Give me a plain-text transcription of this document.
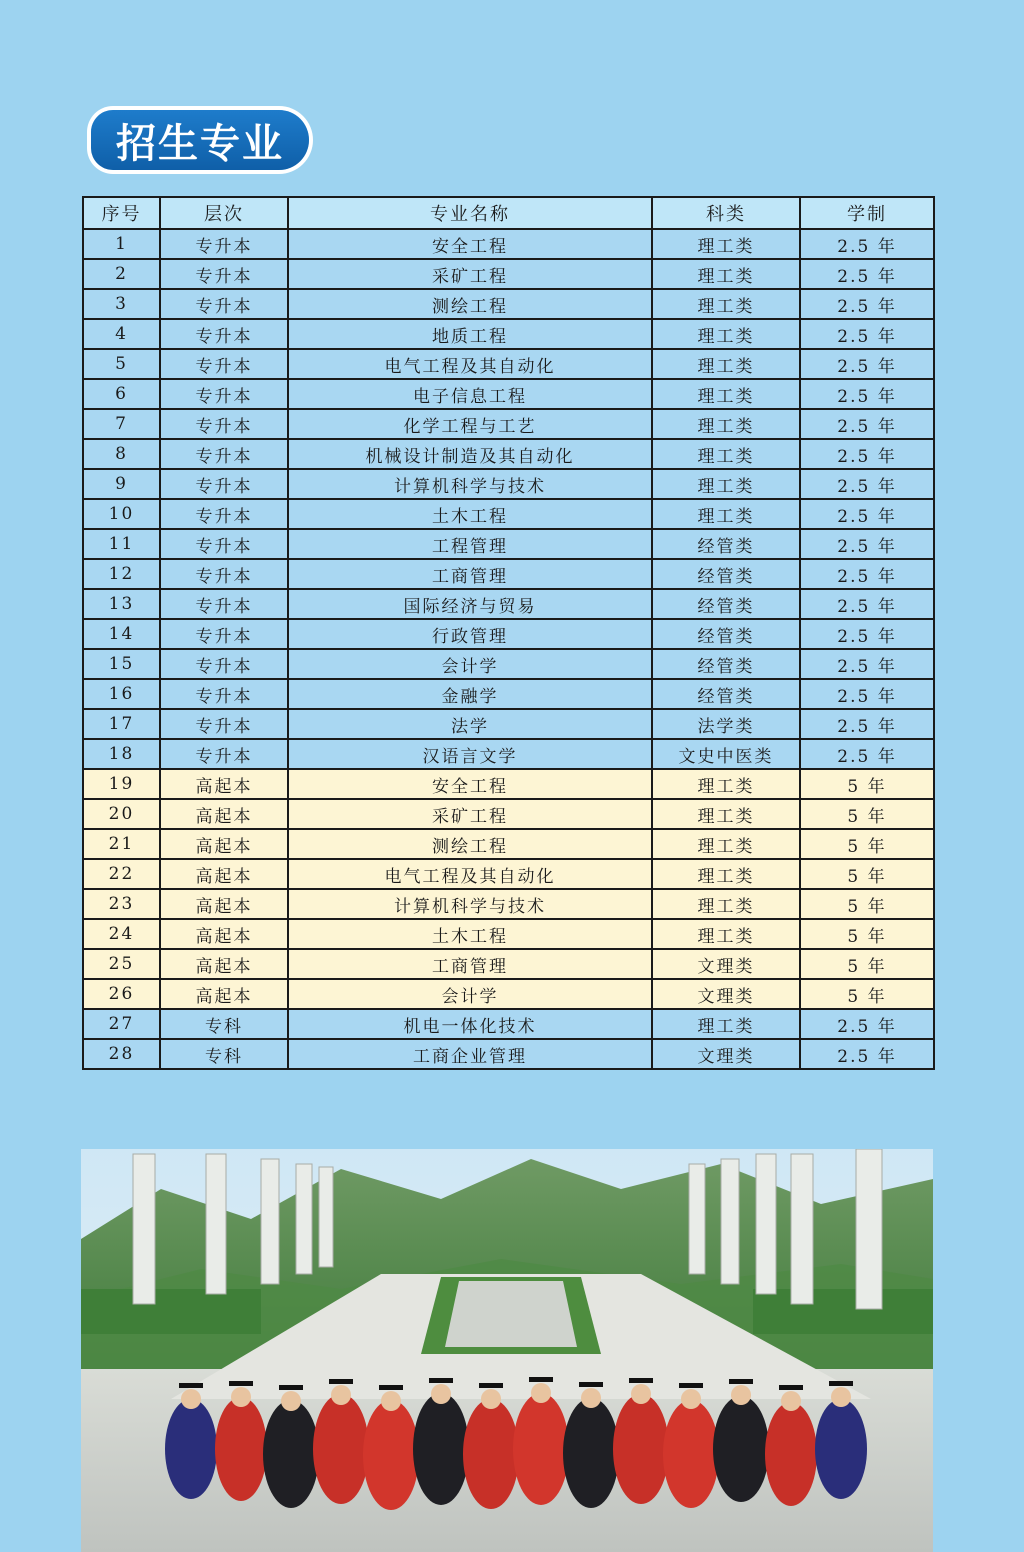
招生专业
序号	层次	专业名称	科类	学制
1	专升本	安全工程	理工类	2.5 年
2	专升本	采矿工程	理工类	2.5 年
3	专升本	测绘工程	理工类	2.5 年
4	专升本	地质工程	理工类	2.5 年
5	专升本	电气工程及其自动化	理工类	2.5 年
6	专升本	电子信息工程	理工类	2.5 年
7	专升本	化学工程与工艺	理工类	2.5 年
8	专升本	机械设计制造及其自动化	理工类	2.5 年
9	专升本	计算机科学与技术	理工类	2.5 年
10	专升本	土木工程	理工类	2.5 年
11	专升本	工程管理	经管类	2.5 年
12	专升本	工商管理	经管类	2.5 年
13	专升本	国际经济与贸易	经管类	2.5 年
14	专升本	行政管理	经管类	2.5 年
15	专升本	会计学	经管类	2.5 年
16	专升本	金融学	经管类	2.5 年
17	专升本	法学	法学类	2.5 年
18	专升本	汉语言文学	文史中医类	2.5 年
19	高起本	安全工程	理工类	5 年
20	高起本	采矿工程	理工类	5 年
21	高起本	测绘工程	理工类	5 年
22	高起本	电气工程及其自动化	理工类	5 年
23	高起本	计算机科学与技术	理工类	5 年
24	高起本	土木工程	理工类	5 年
25	高起本	工商管理	文理类	5 年
26	高起本	会计学	文理类	5 年
27	专科	机电一体化技术	理工类	2.5 年
28	专科	工商企业管理	文理类	2.5 年
